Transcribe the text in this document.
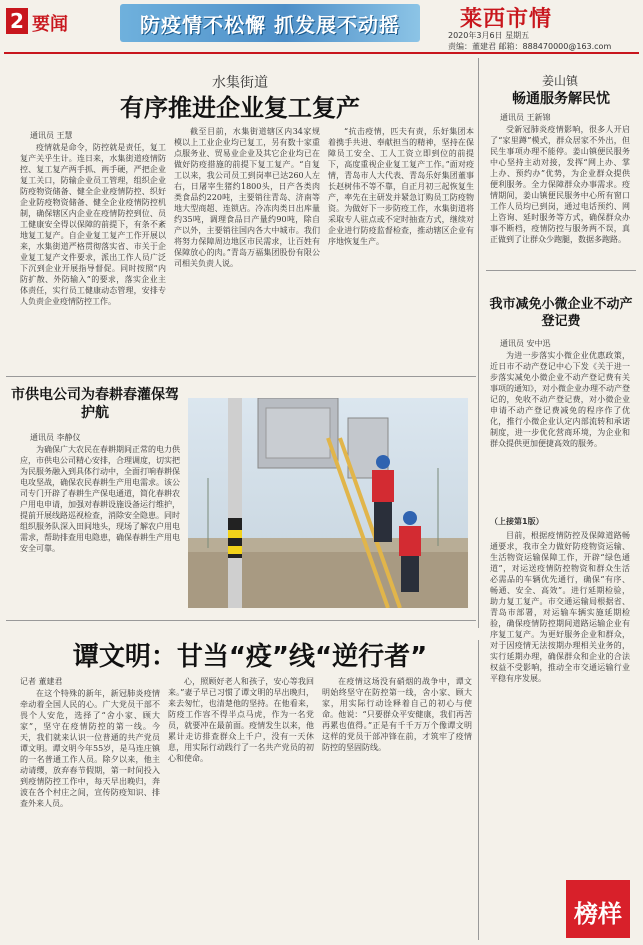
2 要闻	防疫情不松懈 抓发展不动摇	莱西市情
2020年3月6日 星期五
责编：董建君 邮箱：888470000@163.com
水集街道
有序推进企业复工复产
通讯员 王慧
疫情就是命令，防控就是责任，复工复产关乎生计。连日来，水集街道疫情防控、复工复产两手抓、两手硬，严把企业复工关口，防输企业员工管理，组织企业防疫物资储备、健全企业疫情防控、织好企业防疫物资储备、健全企业疫情防控机制，确保辖区内企业在疫情防控到位、员工健康安全得以保障的前提下，有条不紊地复工复产。自企业复工复产工作开展以来，水集街道严格贯彻落实省、市关于企业复工复产文件要求，派出工作人员广泛下沉到企业开展指导督促。同时按照“内防扩散、外防输入”的要求，落实企业主体责任，实行员工健康动态管理，安排专人负责企业疫情防控工作。
截至目前，水集街道辖区内34家规模以上工业企业均已复工，另有数十家重点服务业、贸易业企业及其它企业均已在做好防疫措施的前提下复工复产。“自复工以来，我公司员工到岗率已达260人左右，日屠宰生猪约1800头，日产各类肉类食品约220吨，主要销往青岛、济南等地大型商超、连锁店。冷冻肉类日出库量约35吨，调理食品日产量约90吨，除自产以外，主要销往国内各大中城市。我们将努力保障周边地区市民需求，让百姓有保障放心的肉。”青岛万福集团股份有限公司相关负责人说。
“抗击疫情，匹夫有责，乐好集团本着携手共进、奉献担当的精神，坚持在保障员工安全、工人工资立即到位的前提下，高度重视企业复工复产工作。”面对疫情，青岛市人大代表、青岛乐好集团董事长赵树伟不等不靠，自正月初三起恢复生产，率先在主研发并紧急订购员工防疫物资。为做好下一步防疫工作，水集街道将采取专人驻点或不定时抽查方式，继续对企业进行防疫监督检查，推动辖区企业有序地恢复生产。
姜山镇
畅通服务解民忧
通讯员 王新锦
受新冠肺炎疫情影响，很多人开启了“家里蹲”模式，群众居家不外出，但民生事项办理不能停。姜山镇便民服务中心坚持主动对接，发挥“网上办、掌上办、预约办”优势，为企业群众提供便利服务。全力保障群众办事需求。疫情期间，姜山镇便民服务中心所有窗口工作人员均已到岗，通过电话预约、网上咨询、延时服务等方式，确保群众办事不断档，疫情防控与服务两不误，真正做到了让群众少跑腿，数据多跑路。
我市减免小微企业不动产登记费
通讯员 安中迅
为进一步落实小微企业优惠政策，近日市不动产登记中心下发《关于进一步落实减免小微企业不动产登记费有关事项的通知》，对小微企业办理不动产登记的，免收不动产登记费，对小微企业申请不动产登记费减免的程序作了优化，推行小微企业认定内部流转和承诺制度，进一步优化营商环境，为企业和群众提供更加便捷高效的服务。
（上接第1版）
目前，根据疫情防控及保障道路畅通要求，我市全力做好防疫物资运输、生活物资运输保障工作，开辟“绿色通道”，对运送疫情防控物资和群众生活必需品的车辆优先通行，确保“有序、畅通、安全、高效”。进行延期检验，助力复工复产。市交通运输局根据省、青岛市部署，对运输车辆实施延期检验，确保疫情防控期间道路运输企业有序复工复产。为更好服务企业和群众，对于因疫情无法按期办理相关业务的，实行延期办理，确保群众和企业的合法权益不受影响，推动全市交通运输行业平稳有序发展。
市供电公司为春耕春灌保驾护航
通讯员 李静仪
为确保广大农民在春耕期间正常的电力供应，市供电公司精心安排，合理调度，切实把为民服务融入到具体行动中，全面打响春耕保电攻坚战，确保农民春耕生产用电需求。该公司专门开辟了春耕生产保电通道，简化春耕农户用电申请，加强对春耕设施设备运行维护，提前开展线路巡视检查，消除安全隐患。同时组织服务队深入田间地头，现场了解农户用电需求，帮助排查用电隐患，确保春耕生产用电安全可靠。
谭文明：甘当“疫”线“逆行者”
记者 董建君
在这个特殊的新年，新冠肺炎疫情牵动着全国人民的心。广大党员干部不畏个人安危，选择了“舍小家、顾大家”，坚守在疫情防控的第一线。今天，我们就来认识一位普通的共产党员谭文明。谭文明今年55岁，是马连庄镇的一名普通工作人员。除夕以来，他主动请缨，放弃春节假期，第一时间投入到疫情防控工作中，每天早出晚归，奔波在各个村庄之间，宣传防疫知识、排查外来人员。
心，照顾好老人和孩子，安心等我回来。”妻子早已习惯了谭文明的早出晚归，来去匆忙，也清楚他的坚持。在他看来，防疫工作容不得半点马虎，作为一名党员，就要冲在最前面。疫情发生以来，他累计走访排查群众上千户，没有一天休息，用实际行动践行了一名共产党员的初心和使命。
在疫情这场没有硝烟的战争中，谭文明始终坚守在防控第一线，舍小家、顾大家，用实际行动诠释着自己的初心与使命。他说：“只要群众平安健康，我们再苦再累也值得。”正是有千千万万个像谭文明这样的党员干部冲锋在前，才筑牢了疫情防控的坚固防线。
榜样
